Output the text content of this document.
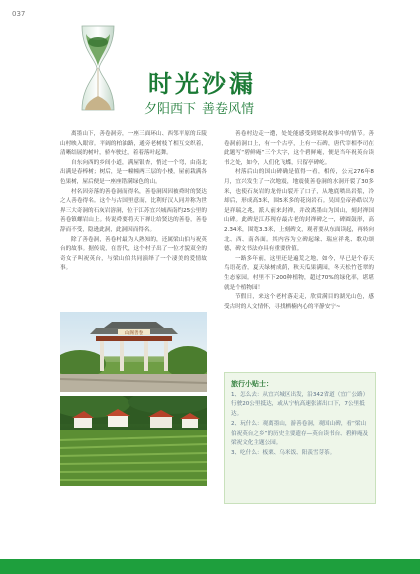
037
时光沙漏
夕阳西下 善卷风情

离墨山下，善卷洞旁，一座三面环山、西邻平原的丘陵山村映入眼帘。平阔的柏油路，通旁老树枝丫相互交织着，清晰结展的树叶，骄车驶过，着着落叶起舞。

自东向西的乡间小道，满屋银杏，悄过一个弯，由南北出满是春棒树；树后，是一幢幢两三层的小楼，屋前栽满各色果树，屋后便是一座座错满绿色的山。

村名因旁落的善卷洞而得名，善卷洞因因被舜时的贤达之人善卷得名。这个与古国里意而，比利好汉人同并称为世界三大奇洞的石灰岩溶洞，位于江苏宜兴城西南约25公里的善卷镇螺岩山上。传说舜要将天下禅让给贤达的善卷，善卷辞而不受，隐逊此洞，此洞因而得名。

除了善卷洞，善卷村最为人熟知的，还属梁山伯与祝英台的故事。据传说，在晋代，这个村子出了一位才貌双全的奇女子叫祝英台，与梁山伯共同演绎了一个凄美的爱情故事。

善卷村边走一遭，处处能感受到梁祝故事中的情节。善卷洞前洞口上，有一个古亭，上有一石碑，唐代宰相李司在此题写“碧鲜庵”三个大字，这个碧鲜庵，便是当年祝英台读书之处，如今，人们化飞蝶，只留亭碑屹。

村落后山的国山碑确是值得一看，相传，公元276年8月，宜兴发生了一次地震，地震使善卷洞的水洞开裂了30多米，也使石灰岩的龙骨山裂开了口子，从地底喷出岩浆，冷却后，形成高3米，围5米多的花岗岩石。吴国皇帝孙皓以为是祥瑞之兆，派人前来封禅，并改离墨山为国山，刻封禅国山碑。此碑是江苏现存最古老的封禅碑之一，碑圆鼓形，高2.34米，围宽3.3米，上刻碑文，观者要从东面读起，再转向北、西、南各面。其内容为立碑起缘、瑞应祥兆、歌功颂德，碑文书法亦具有重要价值。

一路多年前，这里还是遍荒之地，如今，早已是个春天鸟语花香，夏天绿树成荫，秋天瓜果满园，冬天松竹苍翠的生态家园。村里不下200种植物，超过70%的绿化率，堪堪就是个植物园！

节假日，来这个老村落走走，欣赏满目的湖光山色，感受古时的人文情怀，寻找栖楠内心的平静安宁~

山阁善卷
旅行小贴士：

1、怎么去：从宜兴城区出发，沿342省道（宜广公路）行驶20公里抵达，或从宁杭高速张渚出口下，7公里抵达。

2、玩什么：观离墨山，游善卷洞，观国山碑，看“梁山伯祝英台之乡”的历史主要遗存—英台读书台、碧鲜庵及梁祝文化主题公园。

3、吃什么：板栗、乌米饭、阳羡雪芽茶。
